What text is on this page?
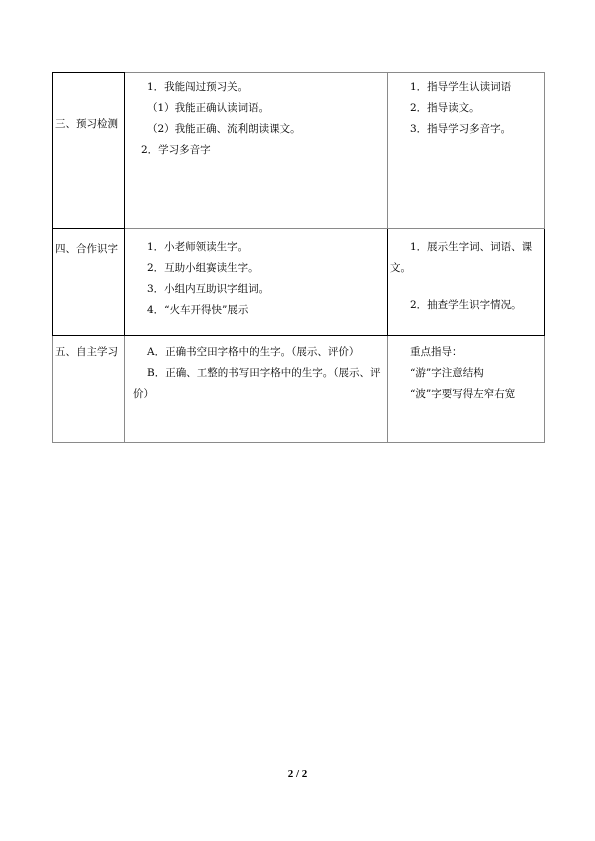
三、预习检测	1．我能闯过预习关。
（1）我能正确认读词语。
（2）我能正确、流利朗读课文。
2．学习多音字	1．指导学生认读词语
2．指导读文。
3．指导学习多音字。

四、合作识字	1．小老师领读生字。
2．互助小组赛读生字。
3．小组内互助识字组词。
4．“火车开得快”展示	1．展示生字词、词语、课文。
2．抽查学生识字情况。

五、自主学习	A．正确书空田字格中的生字。（展示、评价）
B．正确、工整的书写田字格中的生字。（展示、评价）	重点指导：
“游”字注意结构
“波”字要写得左窄右宽
2 / 2
